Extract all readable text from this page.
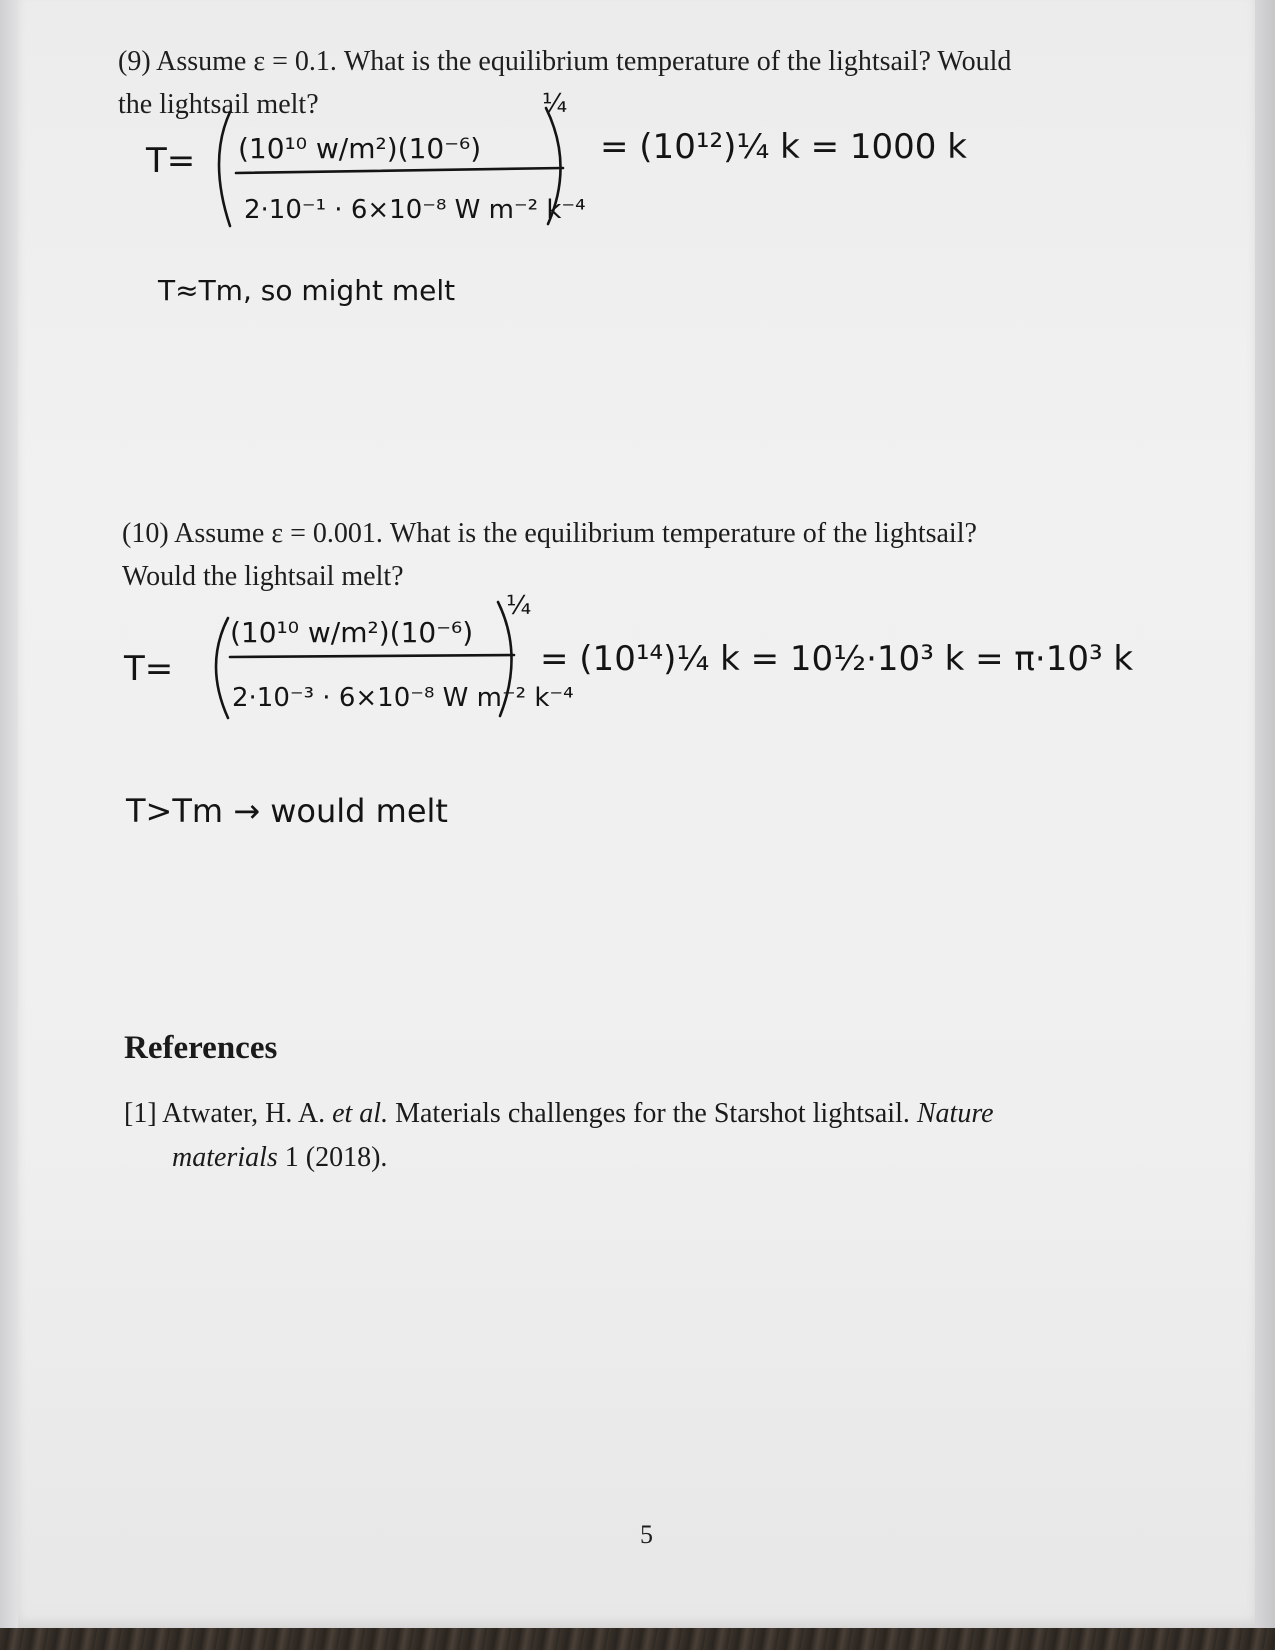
(9) Assume ε = 0.1. What is the equilibrium temperature of the lightsail? Would
the lightsail melt?
(10) Assume ε = 0.001. What is the equilibrium temperature of the lightsail?
Would the lightsail melt?
T= (10¹⁰ w/m²)(10⁻⁶)
2·10⁻¹ · 6×10⁻⁸ W m⁻² k⁻⁴
¼
= (10¹²)¼ k = 1000 k
T≈Tm, so might melt
T=
(10¹⁰ w/m²)(10⁻⁶)
2·10⁻³ · 6×10⁻⁸ W m⁻² k⁻⁴
¼
= (10¹⁴)¼ k = 10½·10³ k = π·10³ k
T>Tm → would melt
References
[1] Atwater, H. A. et al. Materials challenges for the Starshot lightsail. Nature
materials 1 (2018).
5
